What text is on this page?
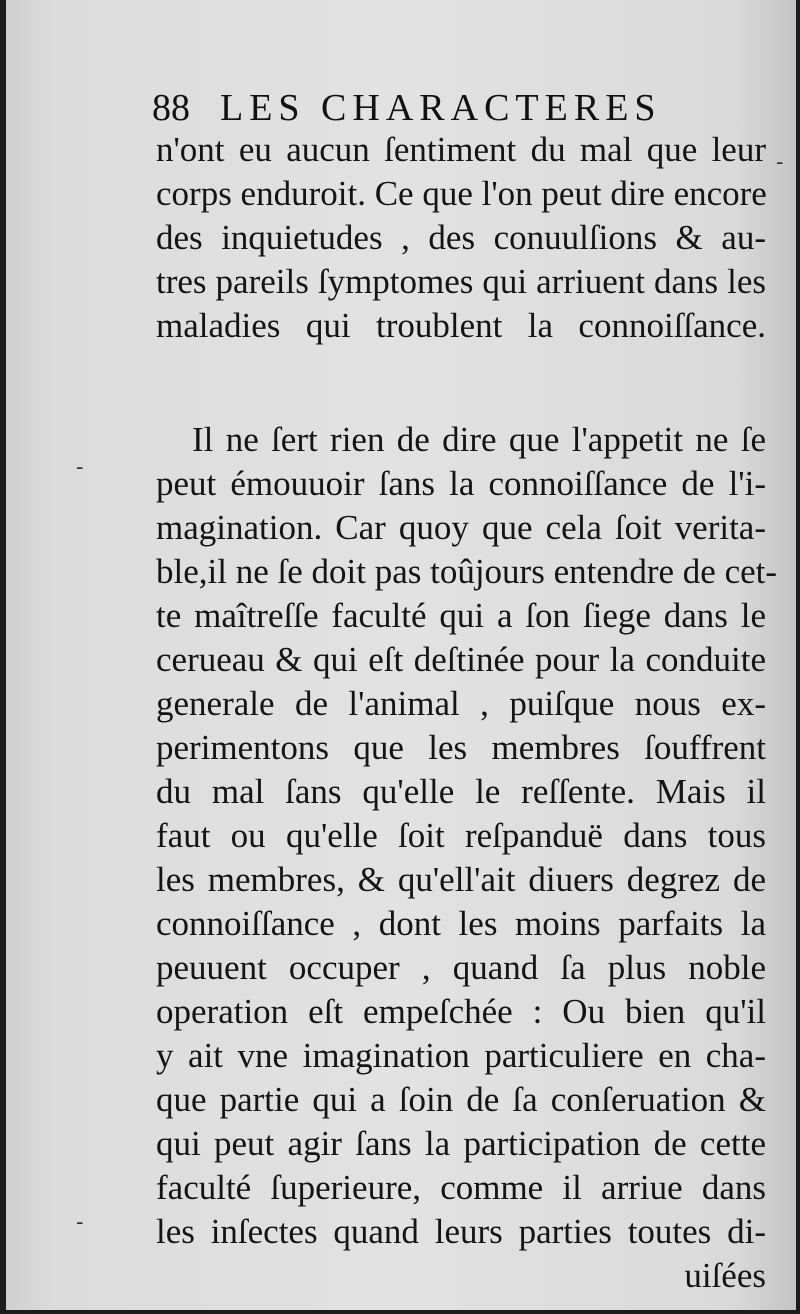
88 LES CHARACTERES
n'ont eu aucun ſentiment du mal que leur
corps enduroit. Ce que l'on peut dire encore
des inquietudes , des conuulſions & au-
tres pareils ſymptomes qui arriuent dans les
maladies qui troublent la connoiſſance.
Il ne ſert rien de dire que l'appetit ne ſe
peut émouuoir ſans la connoiſſance de l'i-
magination. Car quoy que cela ſoit verita-
ble,il ne ſe doit pas toûjours entendre de cet-
te maîtreſſe faculté qui a ſon ſiege dans le
cerueau & qui eſt deſtinée pour la conduite
generale de l'animal , puiſque nous ex-
perimentons que les membres ſouffrent
du mal ſans qu'elle le reſſente. Mais il
faut ou qu'elle ſoit reſpanduë dans tous
les membres, & qu'ell'ait diuers degrez de
connoiſſance , dont les moins parfaits la
peuuent occuper , quand ſa plus noble
operation eſt empeſchée : Ou bien qu'il
y ait vne imagination particuliere en cha-
que partie qui a ſoin de ſa conſeruation &
qui peut agir ſans la participation de cette
faculté ſuperieure, comme il arriue dans
les inſectes quand leurs parties toutes di-
uiſées
-
-
-
